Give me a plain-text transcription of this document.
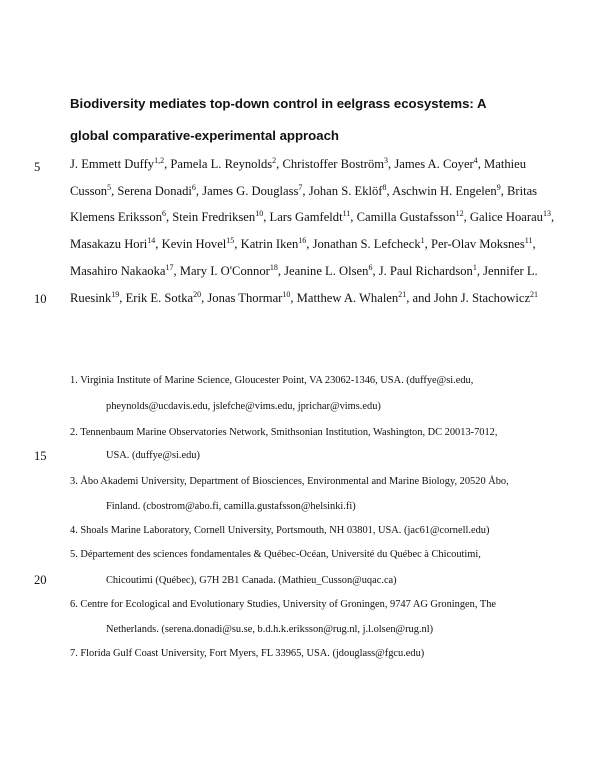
Biodiversity mediates top-down control in eelgrass ecosystems: A
global comparative-experimental approach
5
10
15
20
J. Emmett Duffy$^{1,2}$, Pamela L. Reynolds$^2$, Christoffer Boström$^3$, James A. Coyer$^4$, Mathieu
Cusson$^5$, Serena Donadi$^6$, James G. Douglass$^7$, Johan S. Eklöf$^8$, Aschwin H. Engelen$^9$, Britas
Klemens Eriksson$^6$, Stein Fredriksen$^{10}$, Lars Gamfeldt$^{11}$, Camilla Gustafsson$^{12}$, Galice Hoarau$^{13}$,
Masakazu Hori$^{14}$, Kevin Hovel$^{15}$, Katrin Iken$^{16}$, Jonathan S. Lefcheck$^1$, Per-Olav Moksnes$^{11}$,
Masahiro Nakaoka$^{17}$, Mary I. O'Connor$^{18}$, Jeanine L. Olsen$^6$, J. Paul Richardson$^1$, Jennifer L.
Ruesink$^{19}$, Erik E. Sotka$^{20}$, Jonas Thormar$^{10}$, Matthew A. Whalen$^{21}$, and John J. Stachowicz$^{21}$
1. Virginia Institute of Marine Science, Gloucester Point, VA 23062-1346, USA. (duffye@si.edu,
pheynolds@ucdavis.edu, jslefche@vims.edu, jprichar@vims.edu)
2. Tennenbaum Marine Observatories Network, Smithsonian Institution, Washington, DC 20013-7012,
USA. (duffye@si.edu)
3. Åbo Akademi University, Department of Biosciences, Environmental and Marine Biology, 20520 Åbo,
Finland. (cbostrom@abo.fi, camilla.gustafsson@helsinki.fi)
4. Shoals Marine Laboratory, Cornell University, Portsmouth, NH 03801, USA. (jac61@cornell.edu)
5. Département des sciences fondamentales & Québec-Océan, Université du Québec à Chicoutimi,
Chicoutimi (Québec), G7H 2B1 Canada. (Mathieu_Cusson@uqac.ca)
6. Centre for Ecological and Evolutionary Studies, University of Groningen, 9747 AG Groningen, The
Netherlands. (serena.donadi@su.se, b.d.h.k.eriksson@rug.nl, j.l.olsen@rug.nl)
7. Florida Gulf Coast University, Fort Myers, FL 33965, USA. (jdouglass@fgcu.edu)
